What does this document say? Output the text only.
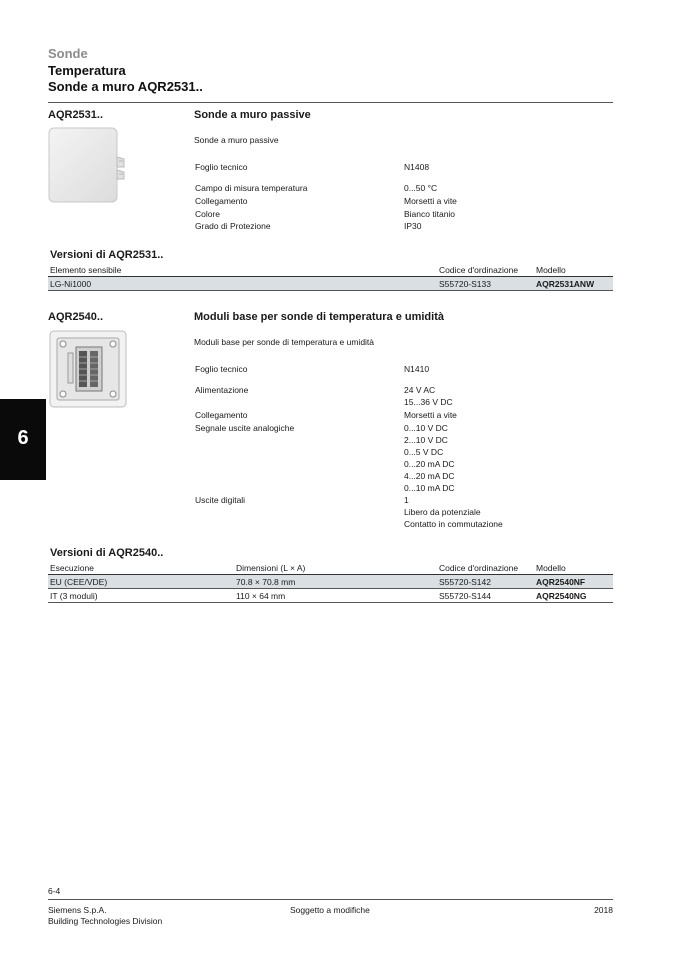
Sonde
Temperatura
Sonde a muro AQR2531..
6
AQR2531..	Sonde a muro passive
Sonde a muro passive
Foglio tecnico	N1408
Campo di misura temperatura	0...50 °C
Collegamento	Morsetti a vite
Colore	Bianco titanio
Grado di Protezione	IP30
Versioni di AQR2531..
Elemento sensibile	Codice d'ordinazione	Modello
LG-Ni1000	S55720-S133	AQR2531ANW
AQR2540..	Moduli base per sonde di temperatura e umidità
Moduli base per sonde di temperatura e umidità
Foglio tecnico	N1410
Alimentazione	24 V AC
15...36 V DC
Collegamento	Morsetti a vite
Segnale uscite analogiche	0...10 V DC
2...10 V DC
0...5 V DC
0...20 mA DC
4...20 mA DC
0...10 mA DC
Uscite digitali	1
Libero da potenziale
Contatto in commutazione
Versioni di AQR2540..
Esecuzione	Dimensioni (L × A)	Codice d'ordinazione	Modello
EU (CEE/VDE)	70.8 × 70.8 mm	S55720-S142	AQR2540NF
IT (3 moduli)	110 × 64 mm	S55720-S144	AQR2540NG
6-4
Siemens S.p.A.
Building Technologies Division
Soggetto a modifiche	2018
